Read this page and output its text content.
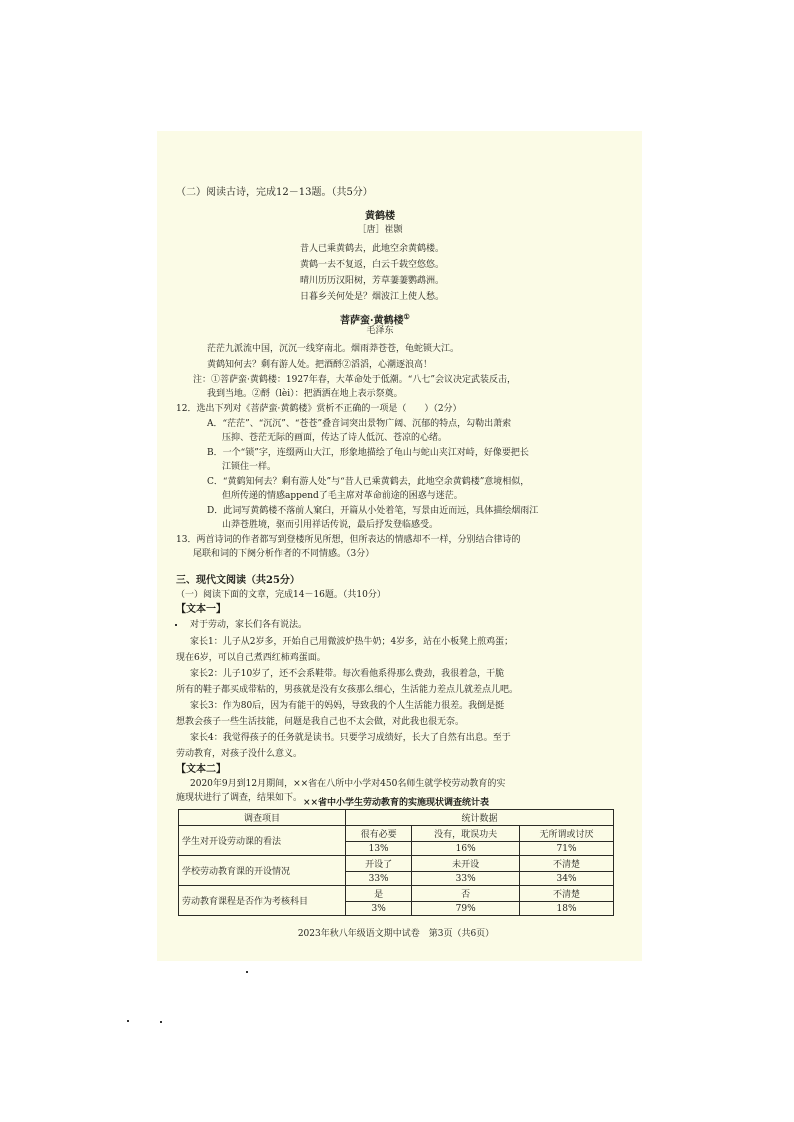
（二）阅读古诗，完成12－13题。（共5分）
黄鹤楼
［唐］崔颢
昔人已乘黄鹤去，此地空余黄鹤楼。
黄鹤一去不复返，白云千载空悠悠。
晴川历历汉阳树，芳草萋萋鹦鹉洲。
日暮乡关何处是？烟波江上使人愁。
菩萨蛮·黄鹤楼①
毛泽东
茫茫九派流中国，沉沉一线穿南北。烟雨莽苍苍，龟蛇锁大江。
黄鹤知何去？剩有游人处。把酒酹②滔滔，心潮逐浪高！
注：①菩萨蛮·黄鹤楼：1927年春，大革命处于低潮。“八七”会议决定武装反击，
我到当地。②酹（lèi）：把酒洒在地上表示祭奠。
12．选出下列对《菩萨蛮·黄鹤楼》赏析不正确的一项是（　　）（2分）
A．“茫茫”、“沉沉”、“苍苍”叠音词突出景物广阔、沉郁的特点，勾勒出萧索
压抑、苍茫无际的画面，传达了诗人低沉、苍凉的心绪。
B．一个“锁”字，连缀两山大江，形象地描绘了龟山与蛇山夹江对峙，好像要把长
江锁住一样。
C．“黄鹤知何去？剩有游人处”与“昔人已乘黄鹤去，此地空余黄鹤楼”意境相似，
但所传递的情感append了毛主席对革命前途的困惑与迷茫。
D．此词写黄鹤楼不落前人窠臼，开篇从小处着笔，写景由近而远，具体描绘烟雨江
山莽苍胜境，驱而引用祥话传说，最后抒发登临感受。
13．两首诗词的作者都写到登楼所见所想，但所表达的情感却不一样，分别结合律诗的
尾联和词的下阕分析作者的不同情感。（3分）
三、现代文阅读（共25分）
（一）阅读下面的文章，完成14－16题。（共10分）
【文本一】
对于劳动，家长们各有说法。
家长1：儿子从2岁多，开始自己用微波炉热牛奶；4岁多，站在小板凳上煎鸡蛋；
现在6岁，可以自己煮西红柿鸡蛋面。
家长2：儿子10岁了，还不会系鞋带。每次看他系得那么费劲，我很着急，干脆
所有的鞋子都买成带粘的，男孩就是没有女孩那么细心，生活能力差点儿就差点儿吧。
家长3：作为80后，因为有能干的妈妈，导致我的个人生活能力很差。我倒是挺
想教会孩子一些生活技能，问题是我自己也不太会做，对此我也很无奈。
家长4：我觉得孩子的任务就是读书。只要学习成绩好，长大了自然有出息。至于
劳动教育，对孩子没什么意义。
【文本二】
2020年9月到12月期间，××省在八所中小学对450名师生就学校劳动教育的实
施现状进行了调查，结果如下。 ××省中小学生劳动教育的实施现状调查统计表
调查项目	统计数据		
学生对开设劳动课的看法	很有必要	没有，耽误功夫	无所谓或讨厌
	13%	16%	71%
学校劳动教育课的开设情况	开设了	未开设	不清楚
	33%	33%	34%
劳动教育课程是否作为考核科目	是	否	不清楚
	3%	79%	18%
2023年秋八年级语文期中试卷　第3页（共6页）
